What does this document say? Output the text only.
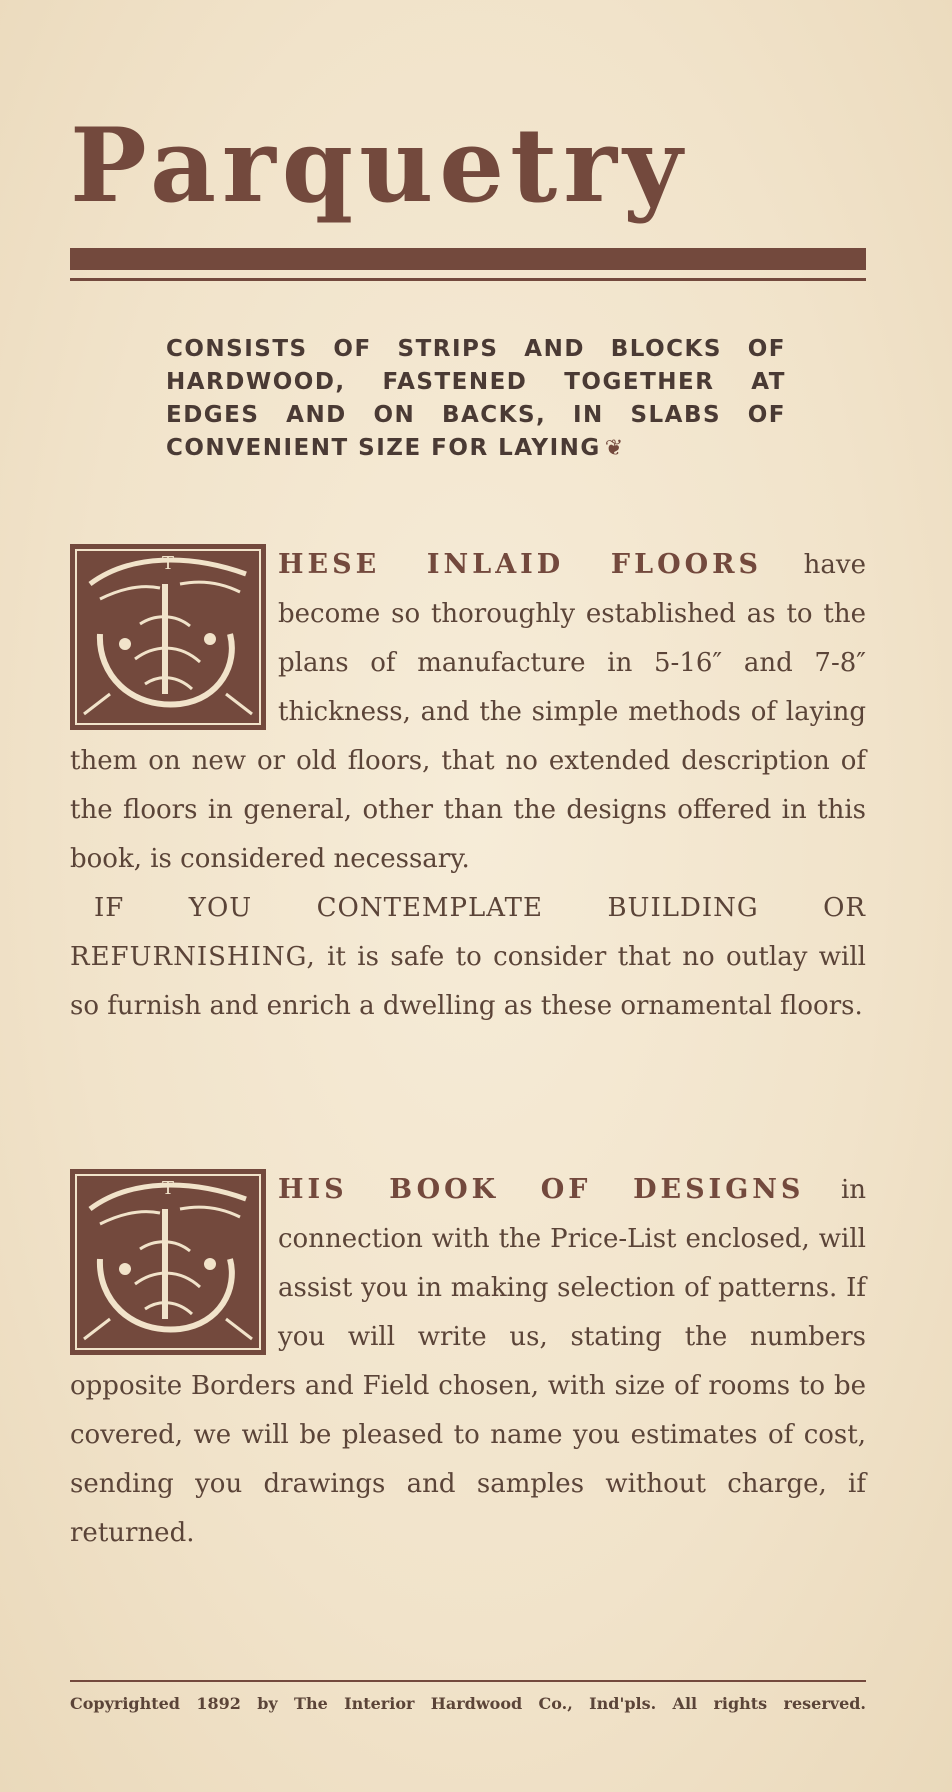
Parquetry

CONSISTS OF STRIPS AND BLOCKS OF HARDWOOD, FASTENED TOGETHER AT EDGES AND ON BACKS, IN SLABS OF CONVENIENT SIZE FOR LAYING ❦

T	HESE INLAID FLOORS have become so thoroughly established as to the plans of manufacture in 5-16″ and 7-8″ thickness, and the simple methods of laying them on new or old floors, that no extended description of the floors in general, other than the designs offered in this book, is considered necessary.
IF YOU CONTEMPLATE BUILDING OR REFURNISHING, it is safe to consider that no outlay will so furnish and enrich a dwelling as these ornamental floors.
T	HIS BOOK OF DESIGNS in connection with the Price-List enclosed, will assist you in making selection of patterns. If you will write us, stating the numbers opposite Borders and Field chosen, with size of rooms to be covered, we will be pleased to name you estimates of cost, sending you drawings and samples without charge, if returned.

Copyrighted 1892 by The Interior Hardwood Co., Ind'pls. All rights reserved.
